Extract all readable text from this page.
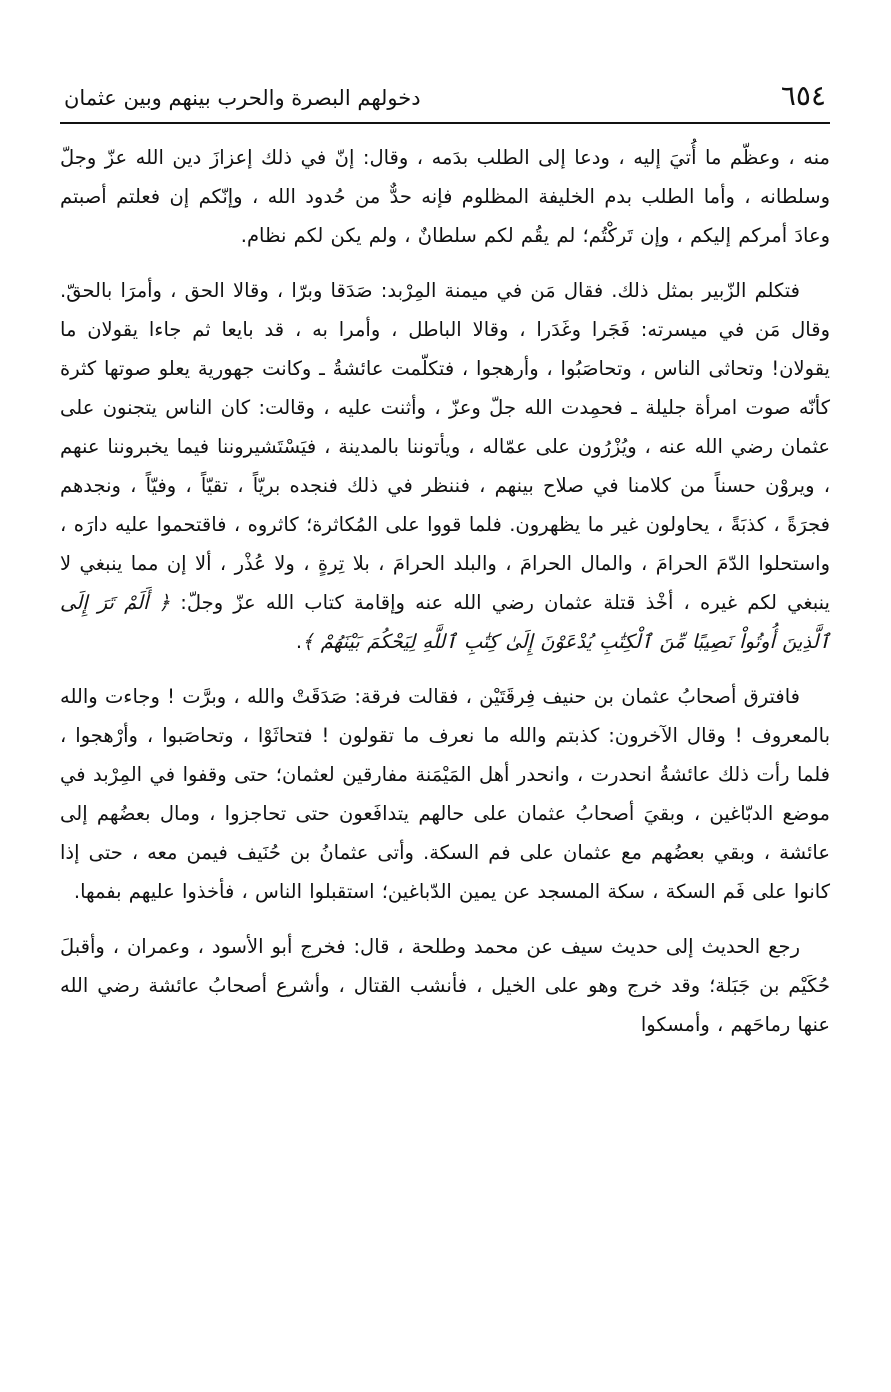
٦٥٤
دخولهم البصرة والحرب بينهم وبين عثمان

منه ، وعظّم ما أُتيَ إليه ، ودعا إلى الطلب بدَمه ، وقال: إنّ في ذلك إعزازَ دين الله عزّ وجلّ وسلطانه ، وأما الطلب بدم الخليفة المظلوم فإنه حدٌّ من حُدود الله ، وإنّكم إن فعلتم أصبتم وعادَ أمركم إليكم ، وإن تَركْتُم؛ لم يقُم لكم سلطانٌ ، ولم يكن لكم نظام.

فتكلم الزّبير بمثل ذلك. فقال مَن في ميمنة المِرْبد: صَدَقا وبرّا ، وقالا الحق ، وأمرَا بالحقّ. وقال مَن في ميسرته: فَجَرا وغَدَرا ، وقالا الباطل ، وأمرا به ، قد بايعا ثم جاءا يقولان ما يقولان! وتحاثى الناس ، وتحاصَبُوا ، وأرهجوا ، فتكلّمت عائشةُ ـ وكانت جهورية يعلو صوتها كثرة كأنّه صوت امرأة جليلة ـ فحمِدت الله جلّ وعزّ ، وأثنت عليه ، وقالت: كان الناس يتجنون على عثمان رضي الله عنه ، ويُزْرُون على عمّاله ، ويأتوننا بالمدينة ، فيَسْتَشيروننا فيما يخبروننا عنهم ، ويروْن حسناً من كلامنا في صلاح بينهم ، فننظر في ذلك فنجده بريّاً ، تقيّاً ، وفيّاً ، ونجدهم فجرَةً ، كذبَةً ، يحاولون غير ما يظهرون. فلما قووا على المُكاثرة؛ كاثروه ، فاقتحموا عليه دارَه ، واستحلوا الدّمَ الحرامَ ، والمال الحرامَ ، والبلد الحرامَ ، بلا تِرةٍ ، ولا عُذْر ، ألا إن مما ينبغي لا ينبغي لكم غيره ، أخْذ قتلة عثمان رضي الله عنه وإقامة كتاب الله عزّ وجلّ: ﴿ أَلَمْ تَرَ إِلَى ٱلَّذِينَ أُوتُواْ نَصِيبًا مِّنَ ٱلْكِتَٰبِ يُدْعَوْنَ إِلَىٰ كِتَٰبِ ٱللَّهِ لِيَحْكُمَ بَيْنَهُمْ ﴾.

فافترق أصحابُ عثمان بن حنيف فِرقَتَيْن ، فقالت فرقة: صَدَقَتْ والله ، وبرَّت ! وجاءت والله بالمعروف ! وقال الآخرون: كذبتم والله ما نعرف ما تقولون ! فتحاثَوْا ، وتحاصَبوا ، وأرْهجوا ، فلما رأت ذلك عائشةُ انحدرت ، وانحدر أهل المَيْمَنة مفارقين لعثمان؛ حتى وقفوا في المِرْبد في موضع الدبّاغين ، وبقيَ أصحابُ عثمان على حالهم يتدافَعون حتى تحاجزوا ، ومال بعضُهم إلى عائشة ، وبقي بعضُهم مع عثمان على فم السكة. وأتى عثمانُ بن حُنَيف فيمن معه ، حتى إذا كانوا على فَم السكة ، سكة المسجد عن يمين الدّباغين؛ استقبلوا الناس ، فأخذوا عليهم بفمها.

رجع الحديث إلى حديث سيف عن محمد وطلحة ، قال: فخرج أبو الأسود ، وعمران ، وأقبلَ حُكَيْم بن جَبَلة؛ وقد خرج وهو على الخيل ، فأنشب القتال ، وأشرع أصحابُ عائشة رضي الله عنها رماحَهم ، وأمسكوا
